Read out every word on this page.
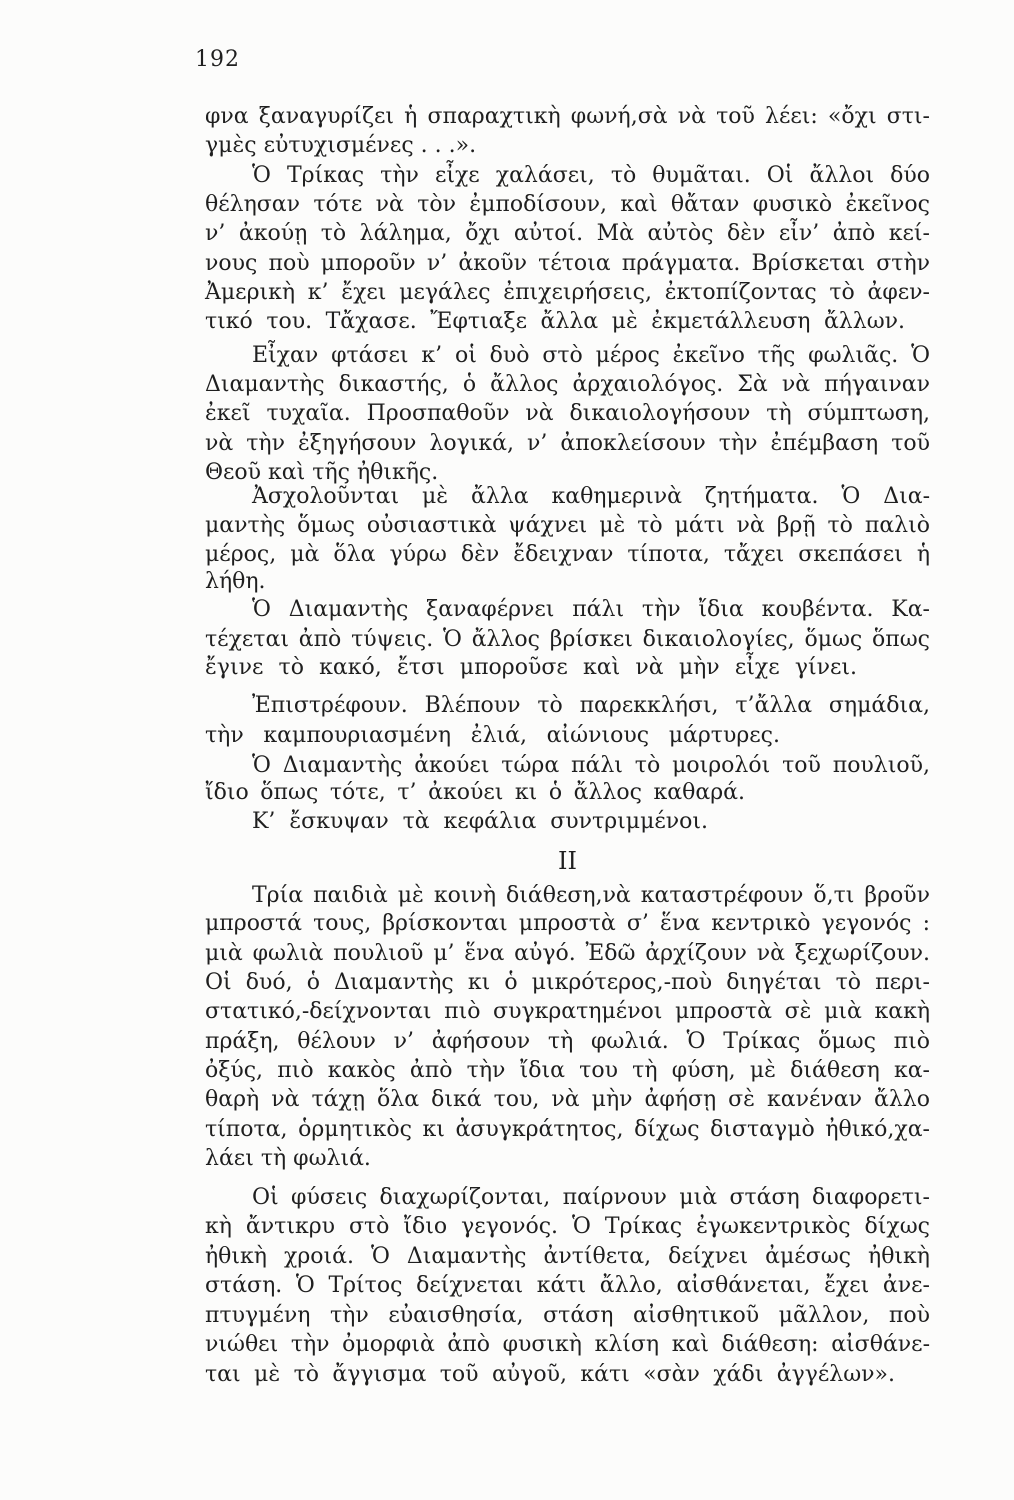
192
φνα ξαναγυρίζει ἡ σπαραχτικὴ φωνή,σὰ νὰ τοῦ λέει: «ὄχι στι-
γμὲς εὐτυχισμένες . . .».
Ὁ Τρίκας τὴν εἶχε χαλάσει, τὸ θυμᾶται. Οἱ ἄλλοι δύο
θέλησαν τότε νὰ τὸν ἐμποδίσουν, καὶ θἄταν φυσικὸ ἐκεῖνος
ν’ ἀκούῃ τὸ λάλημα, ὄχι αὐτοί. Μὰ αὐτὸς δὲν εἶν’ ἀπὸ κεί-
νους ποὺ μποροῦν ν’ ἀκοῦν τέτοια πράγματα. Βρίσκεται στὴν
Ἀμερικὴ κ’ ἔχει μεγάλες ἐπιχειρήσεις, ἐκτοπίζοντας τὸ ἀφεν-
τικό του. Τἄχασε. Ἔφτιαξε ἄλλα μὲ ἐκμετάλλευση ἄλλων.
Εἶχαν φτάσει κ’ οἱ δυὸ στὸ μέρος ἐκεῖνο τῆς φωλιᾶς. Ὁ
Διαμαντὴς δικαστής, ὁ ἄλλος ἀρχαιολόγος. Σὰ νὰ πήγαιναν
ἐκεῖ τυχαῖα. Προσπαθοῦν νὰ δικαιολογήσουν τὴ σύμπτωση,
νὰ τὴν ἐξηγήσουν λογικά, ν’ ἀποκλείσουν τὴν ἐπέμβαση τοῦ
Θεοῦ καὶ τῆς ἠθικῆς.
Ἀσχολοῦνται μὲ ἄλλα καθημερινὰ ζητήματα. Ὁ Δια-
μαντὴς ὅμως οὐσιαστικὰ ψάχνει μὲ τὸ μάτι νὰ βρῇ τὸ παλιὸ
μέρος, μὰ ὅλα γύρω δὲν ἔδειχναν τίποτα, τἄχει σκεπάσει ἡ
λήθη.
Ὁ Διαμαντὴς ξαναφέρνει πάλι τὴν ἴδια κουβέντα. Κα-
τέχεται ἀπὸ τύψεις. Ὁ ἄλλος βρίσκει δικαιολογίες, ὅμως ὅπως
ἔγινε τὸ κακό, ἔτσι μποροῦσε καὶ νὰ μὴν εἶχε γίνει.
Ἐπιστρέφουν. Βλέπουν τὸ παρεκκλήσι, τ’ἄλλα σημάδια,
τὴν καμπουριασμένη ἐλιά, αἰώνιους μάρτυρες.
Ὁ Διαμαντὴς ἀκούει τώρα πάλι τὸ μοιρολόι τοῦ πουλιοῦ,
ἴδιο ὅπως τότε, τ’ ἀκούει κι ὁ ἄλλος καθαρά.
Κ’ ἔσκυψαν τὰ κεφάλια συντριμμένοι.
II
Τρία παιδιὰ μὲ κοινὴ διάθεση,νὰ καταστρέφουν ὅ,τι βροῦν
μπροστά τους, βρίσκονται μπροστὰ σ’ ἕνα κεντρικὸ γεγονός :
μιὰ φωλιὰ πουλιοῦ μ’ ἕνα αὐγό. Ἐδῶ ἀρχίζουν νὰ ξεχωρίζουν.
Οἱ δυό, ὁ Διαμαντὴς κι ὁ μικρότερος,-ποὺ διηγέται τὸ περι-
στατικό,-δείχνονται πιὸ συγκρατημένοι μπροστὰ σὲ μιὰ κακὴ
πράξη, θέλουν ν’ ἀφήσουν τὴ φωλιά. Ὁ Τρίκας ὅμως πιὸ
ὀξύς, πιὸ κακὸς ἀπὸ τὴν ἴδια του τὴ φύση, μὲ διάθεση κα-
θαρὴ νὰ τάχῃ ὅλα δικά του, νὰ μὴν ἀφήσῃ σὲ κανέναν ἄλλο
τίποτα, ὁρμητικὸς κι ἀσυγκράτητος, δίχως δισταγμὸ ἠθικό,χα-
λάει τὴ φωλιά.
Οἱ φύσεις διαχωρίζονται, παίρνουν μιὰ στάση διαφορετι-
κὴ ἄντικρυ στὸ ἴδιο γεγονός. Ὁ Τρίκας ἐγωκεντρικὸς δίχως
ἠθικὴ χροιά. Ὁ Διαμαντὴς ἀντίθετα, δείχνει ἀμέσως ἠθικὴ
στάση. Ὁ Τρίτος δείχνεται κάτι ἄλλο, αἰσθάνεται, ἔχει ἀνε-
πτυγμένη τὴν εὐαισθησία, στάση αἰσθητικοῦ μᾶλλον, ποὺ
νιώθει τὴν ὀμορφιὰ ἀπὸ φυσικὴ κλίση καὶ διάθεση: αἰσθάνε-
ται μὲ τὸ ἄγγισμα τοῦ αὐγοῦ, κάτι «σὰν χάδι ἀγγέλων».
